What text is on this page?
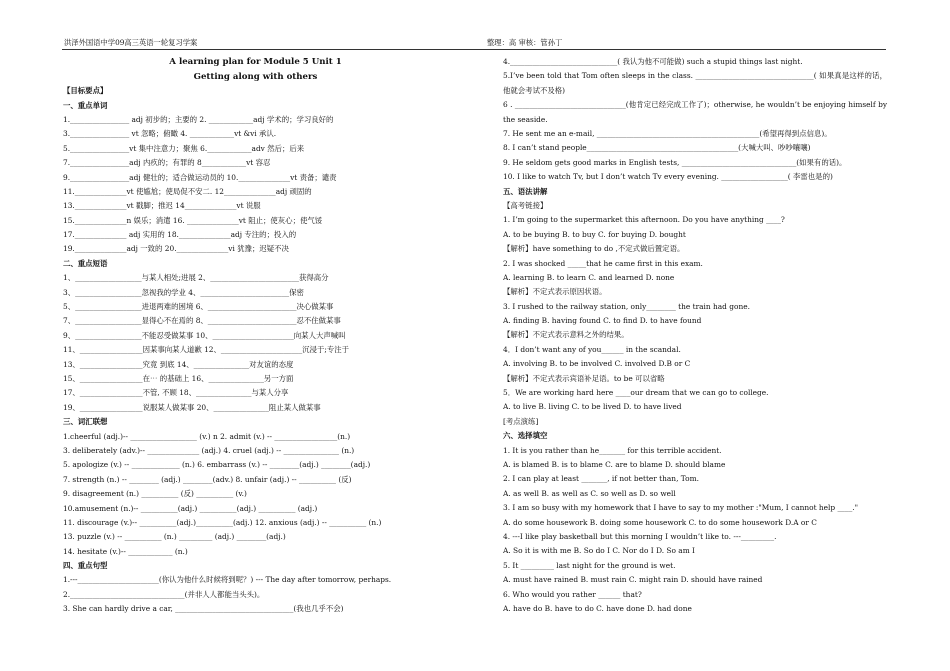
洪泽外国语中学09高三英语一轮复习学案	整理：高 审核：管孙丁
A learning plan for Module 5 Unit 1
Getting along with others
【目标要点】
一、重点单词
1.________________ adj 初步的；主要的 2. ____________adj 学术的；学习良好的
3.________________ vt 忽略；俯瞰 4. ____________vt &vi 承认.
5.________________vt 集中注意力；聚焦 6.____________adv 然后；后来
7.________________adj 内疚的；有罪的 8____________vt 容忍
9.________________adj 健壮的；适合做运动员的 10.______________vt 责备；谴责
11.______________vt 使尴尬；使局促不安二. 12______________adj 顽固的
13.______________vt 戳脚；推迟 14______________vt 说服
15.______________n 娱乐；消遣 16. ______________vt 阻止；使灰心；使气馁
17.______________ adj 实用的 18.______________adj 专注的；投入的
19.______________adj 一致的 20.______________vi 犹豫；迟疑不决
二、重点短语
1、__________________与某人相处;进展 2、________________________获得高分
3、__________________忽视我的学业 4、________________________保密
5、__________________进退两难的困境 6、________________________决心做某事
7、__________________显得心不在焉的 8、________________________忍不住做某事
9、__________________不能忍受做某事 10、______________________向某人大声喊叫
11、_________________因某事向某人道歉 12、______________________沉浸于;专注于
13、_________________究竟 到底 14、_______________对友谊的态度
15、_________________在⋯ 的基础上 16、_______________另一方面
17、_________________不管, 不顾 18、_______________与某人分享
19、_________________说服某人做某事 20、_______________阻止某人做某事
三、词汇联想
1.cheerful (adj.)-- __________________ (v.) n 2. admit (v.) -- _________________(n.)
3. deliberately (adv.)-- ______________ (adj.) 4. cruel (adj.) -- _______________ (n.)
5. apologize (v.) -- _____________ (n.) 6. embarrass (v.) -- ________(adj.) ________(adj.)
7. strength (n.) -- ________ (adj.) ________(adv.) 8. unfair (adj.) -- __________ (反)
9. disagreement (n.) __________ (反) __________ (v.)
10.amusement (n.)-- __________(adj.) __________(adj.) __________ (adj.)
11. discourage (v.)-- __________(adj.)__________(adj.) 12. anxious (adj.) -- __________ (n.)
13. puzzle (v.) -- __________ (n.) _________ (adj.) ________(adj.)
14. hesitate (v.)-- ____________ (n.)
四、重点句型
1.---______________________(你认为他什么时候将到呢？) --- The day after tomorrow, perhaps.
2._______________________________(并非人人都能当头头)。
3. She can hardly drive a car, ________________________________(我也几乎不会)
4._____________________________( 我认为他不可能做) such a stupid things last night.
5.I’ve been told that Tom often sleeps in the class. ________________________________( 如果真是这样的话，他就会考试不及格)
6 . ______________________________(他肯定已经完成工作了)；otherwise, he wouldn’t be enjoying himself by the seaside.
7. He sent me an e-mail, ____________________________________________(希望再得到点信息)。
8. I can’t stand people_________________________________________(大喊大叫、吵吵嚷嚷)
9. He seldom gets good marks in English tests, _______________________________(如果有的话)。
10. I like to watch Tv, but I don’t watch Tv every evening. __________________( 李雷也是的)
五、语法讲解
【高考链接】
1. I’m going to the supermarket this afternoon. Do you have anything ____?
A. to be buying B. to buy C. for buying D. bought
【解析】have something to do ,不定式做后置定语。
2. I was shocked _____that he came first in this exam.
A. learning B. to learn C. and learned D. none
【解析】不定式表示原因状语。
3. I rushed to the railway station, only________ the train had gone.
A. finding B. having found C. to find D. to have found
【解析】不定式表示意料之外的结果。
4．I don’t want any of you______ in the scandal.
A. involving B. to be involved C. involved D.B or C
【解析】不定式表示宾语补足语。to be 可以省略
5．We are working hard here ____our dream that we can go to college.
A. to live B. living C. to be lived D. to have lived
[考点演练]
六、选择填空
1. It is you rather than he_______ for this terrible accident.
A. is blamed B. is to blame C. are to blame D. should blame
2. I can play at least _______, if not better than, Tom.
A. as well B. as well as C. so well as D. so well
3. I am so busy with my homework that I have to say to my mother :"Mum, I cannot help ____."
A. do some housework B. doing some housework C. to do some housework D.A or C
4. ---I like play basketball but this morning I wouldn’t like to. ---_________.
A. So it is with me B. So do I C. Nor do I D. So am I
5. It _________ last night for the ground is wet.
A. must have rained B. must rain C. might rain D. should have rained
6. Who would you rather ______ that?
A. have do B. have to do C. have done D. had done
